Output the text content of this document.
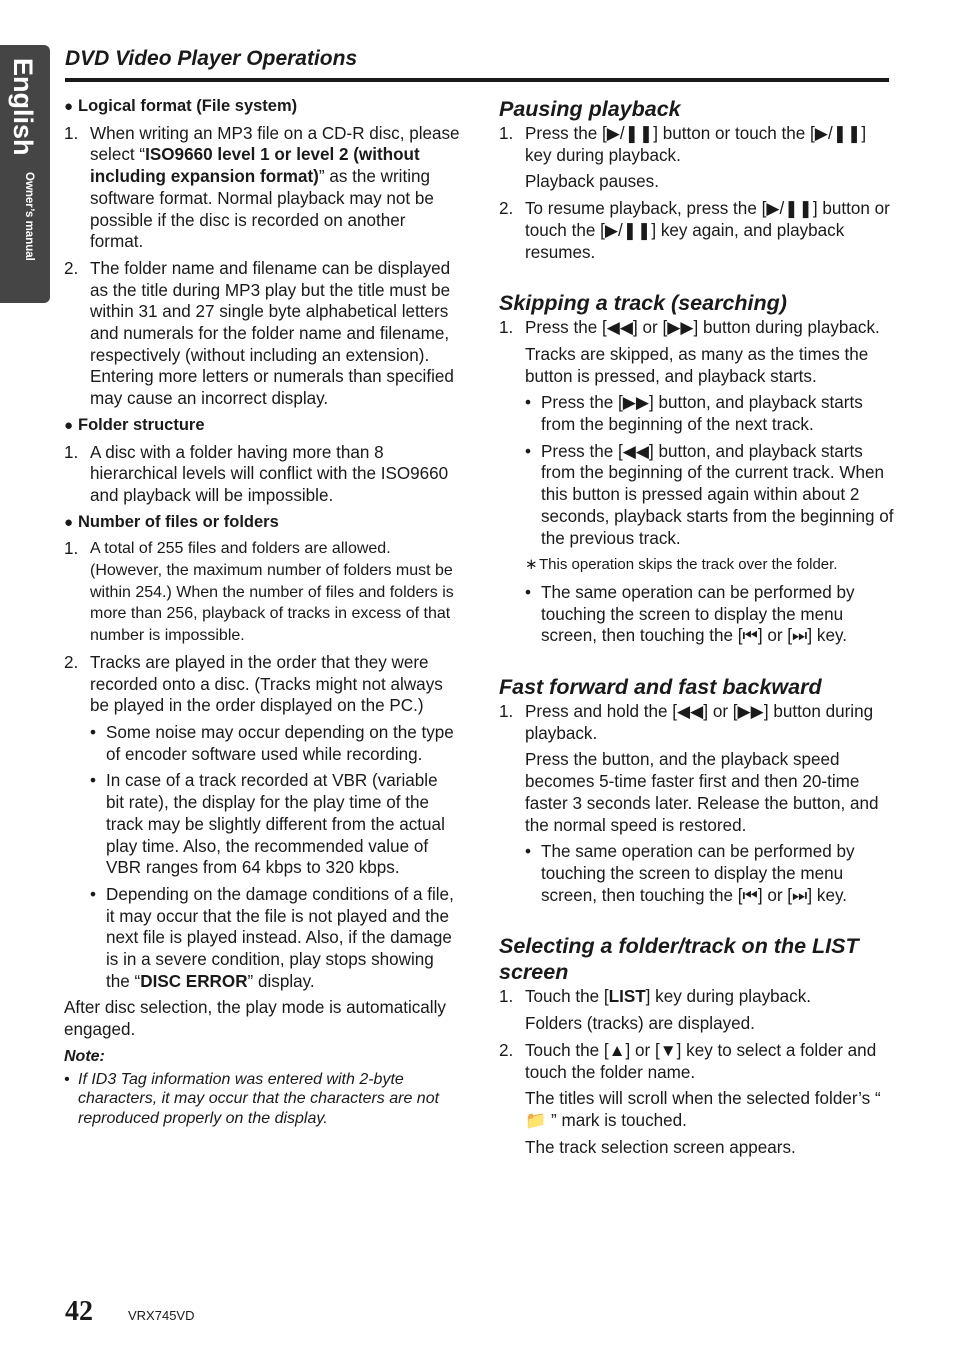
English
Owner’s manual
DVD Video Player Operations
● Logical format (File system)
1. When writing an MP3 file on a CD-R disc, please select “ISO9660 level 1 or level 2 (without including expansion format)” as the writing software format. Normal playback may not be possible if the disc is recorded on another format.
2. The folder name and filename can be displayed as the title during MP3 play but the title must be within 31 and 27 single byte alphabetical letters and numerals for the folder name and filename, respectively (without including an extension). Entering more letters or numerals than specified may cause an incorrect display.
● Folder structure
1. A disc with a folder having more than 8 hierarchical levels will conflict with the ISO9660 and playback will be impossible.
● Number of files or folders
1. A total of 255 files and folders are allowed. (However, the maximum number of folders must be within 254.) When the number of files and folders is more than 256, playback of tracks in excess of that number is impossible.
2. Tracks are played in the order that they were recorded onto a disc. (Tracks might not always be played in the order displayed on the PC.)
• Some noise may occur depending on the type of encoder software used while recording.
• In case of a track recorded at VBR (variable bit rate), the display for the play time of the track may be slightly different from the actual play time. Also, the recommended value of VBR ranges from 64 kbps to 320 kbps.
• Depending on the damage conditions of a file, it may occur that the file is not played and the next file is played instead. Also, if the damage is in a severe condition, play stops showing the “DISC ERROR” display.
After disc selection, the play mode is automatically engaged.
Note:
• If ID3 Tag information was entered with 2-byte characters, it may occur that the characters are not reproduced properly on the display.
Pausing playback
1. Press the [▶/❚❚] button or touch the [▶/❚❚] key during playback.
Playback pauses.
2. To resume playback, press the [▶/❚❚] button or touch the [▶/❚❚] key again, and playback resumes.
Skipping a track (searching)
1. Press the [◀◀] or [▶▶] button during playback.
Tracks are skipped, as many as the times the button is pressed, and playback starts.
• Press the [▶▶] button, and playback starts from the beginning of the next track.
• Press the [◀◀] button, and playback starts from the beginning of the current track. When this button is pressed again within about 2 seconds, playback starts from the beginning of the previous track.
∗ This operation skips the track over the folder.
• The same operation can be performed by touching the screen to display the menu screen, then touching the [⏮] or [⏭] key.
Fast forward and fast backward
1. Press and hold the [◀◀] or [▶▶] button during playback.
Press the button, and the playback speed becomes 5-time faster first and then 20-time faster 3 seconds later. Release the button, and the normal speed is restored.
• The same operation can be performed by touching the screen to display the menu screen, then touching the [⏮] or [⏭] key.
Selecting a folder/track on the LIST screen
1. Touch the [LIST] key during playback.
Folders (tracks) are displayed.
2. Touch the [▲] or [▼] key to select a folder and touch the folder name.
The titles will scroll when the selected folder’s “ 📁 ” mark is touched.
The track selection screen appears.
42	VRX745VD
